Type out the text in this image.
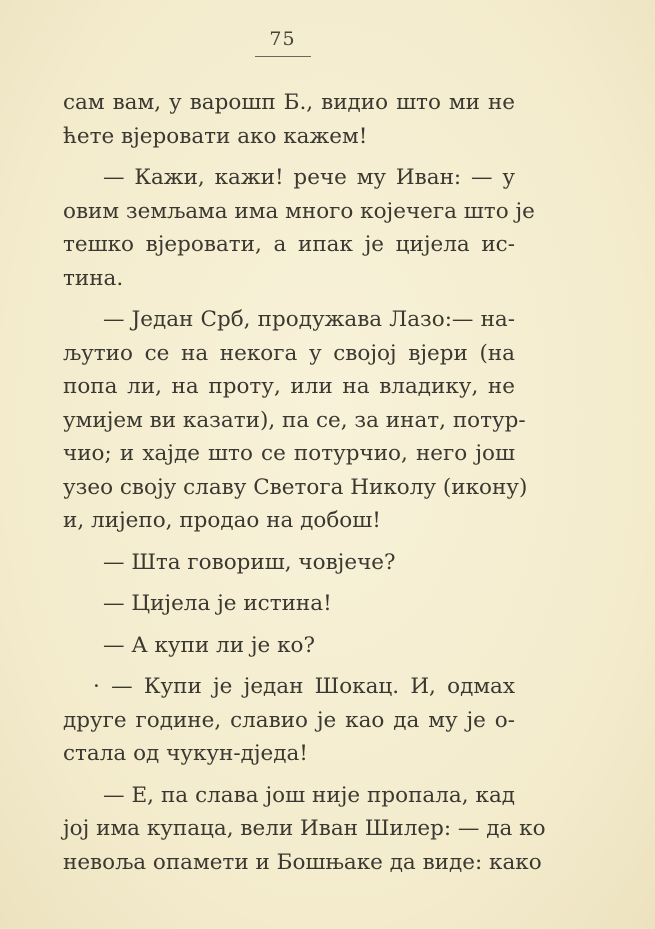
75
сам вам, у варошп Б., видио што ми не
ћете вјеровати ако кажем!
— Кажи, кажи! рече му Иван: — у
овим земљама има много којечега што је
тешко вјеровати, а ипак је цијела ис-
тина.
— Један Срб, продужава Лазо:— на-
љутио се на некога у својој вјери (на
попа ли, на проту, или на владику, не
умијем ви казати), па се, за инат, потур-
чио; и хајде што се потурчио, него још
узео своју славу Светога Николу (икону)
и, лијепо, продао на добош!
— Шта говориш, човјече?
— Цијела је истина!
— А купи ли је ко?
· — Купи је један Шокац. И, одмах
друге године, славио је као да му је о-
стала од чукун-дједа!
— Е, па слава још није пропала, кад
јој има купаца, вели Иван Шилер: — да ко
невоља опамети и Бошњаке да виде: како
